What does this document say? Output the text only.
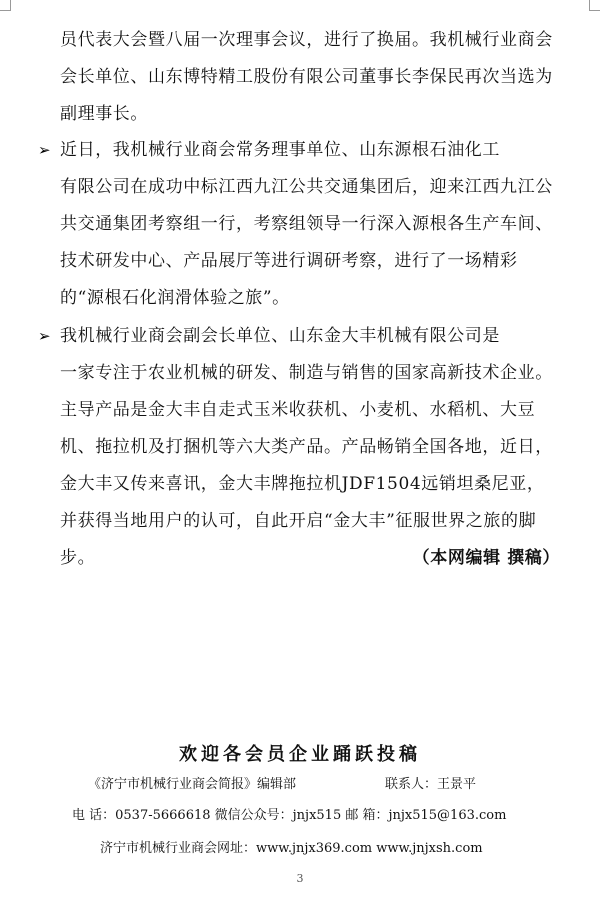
员代表大会暨八届一次理事会议，进行了换届。我机械行业商会会长单位、山东博特精工股份有限公司董事长李保民再次当选为副理事长。
➢ 近日，我机械行业商会常务理事单位、山东源根石油化工
有限公司在成功中标江西九江公共交通集团后，迎来江西九江公共交通集团考察组一行，考察组领导一行深入源根各生产车间、技术研发中心、产品展厅等进行调研考察，进行了一场精彩的“源根石化润滑体验之旅”。
➢ 我机械行业商会副会长单位、山东金大丰机械有限公司是
一家专注于农业机械的研发、制造与销售的国家高新技术企业。主导产品是金大丰自走式玉米收获机、小麦机、水稻机、大豆机、拖拉机及打捆机等六大类产品。产品畅销全国各地，近日，金大丰又传来喜讯，金大丰牌拖拉机JDF1504远销坦桑尼亚，并获得当地用户的认可，自此开启“金大丰”征服世界之旅的脚步。	（本网编辑 撰稿）
欢迎各会员企业踊跃投稿
《济宁市机械行业商会简报》编辑部	联系人：王景平
电 话：0537-5666618 微信公众号：jnjx515 邮 箱：jnjx515@163.com
济宁市机械行业商会网址：www.jnjx369.com www.jnjxsh.com
3
